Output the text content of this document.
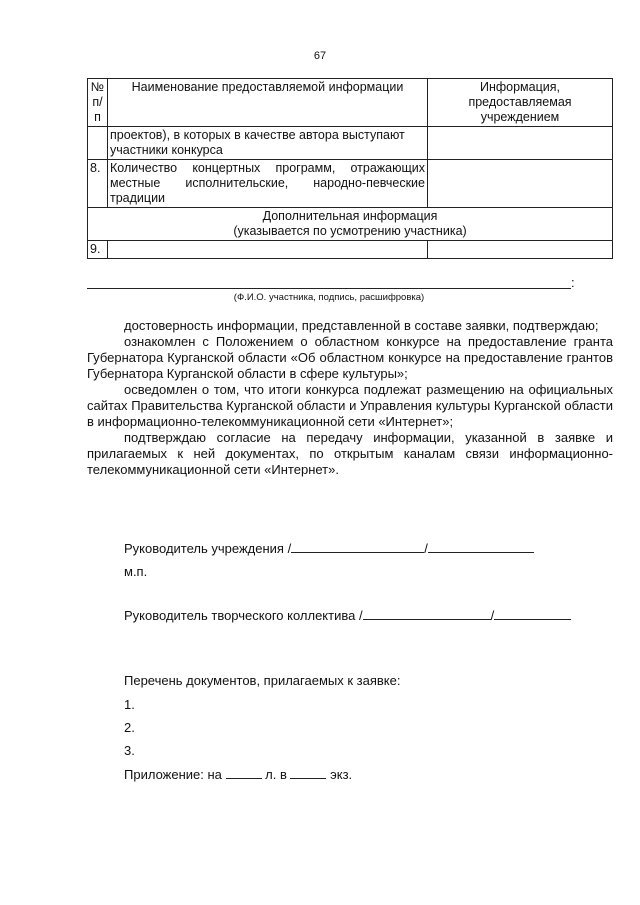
67
№ п/п	Наименование предоставляемой информации	Информация, предоставляемая учреждением
	проектов), в которых в качестве автора выступают участники конкурса	
8.	Количество концертных программ, отражающих местные исполнительские, народно-певческие традиции	

Дополнительная информация
(указывается по усмотрению участника)		

9.		
:
(Ф.И.О. участника, подпись, расшифровка)

достоверность информации, представленной в составе заявки, подтверждаю;

ознакомлен с Положением о областном конкурсе на предоставление гранта Губернатора Курганской области «Об областном конкурсе на предоставление грантов Губернатора Курганской области в сфере культуры»;

осведомлен о том, что итоги конкурса подлежат размещению на официальных сайтах Правительства Курганской области и Управления культуры Курганской области в информационно-телекоммуникационной сети «Интернет»;

подтверждаю согласие на передачу информации, указанной в заявке и прилагаемых к ней документах, по открытым каналам связи информационно-телекоммуникационной сети «Интернет».

Руководитель учреждения /	/
м.п.
Руководитель творческого коллектива /	/
Перечень документов, прилагаемых к заявке:
1.
2.
3.
Приложение: на	л. в	экз.
